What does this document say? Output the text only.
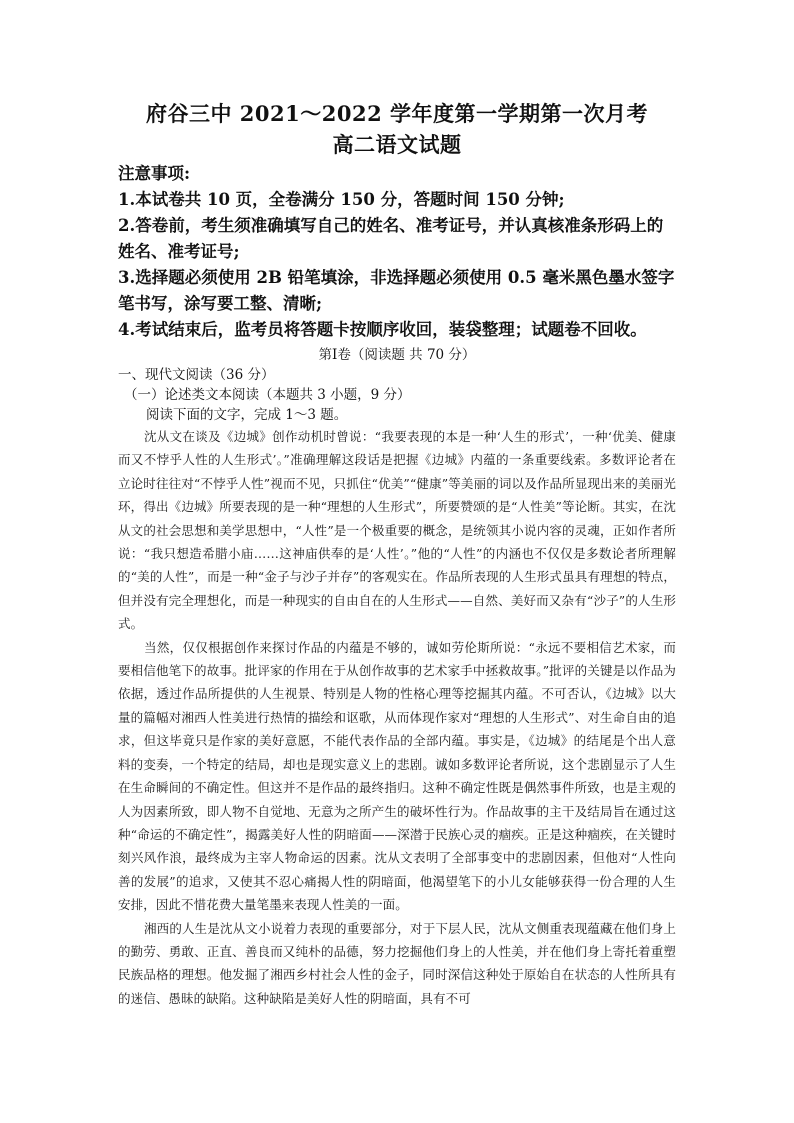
府谷三中 2021～2022 学年度第一学期第一次月考
高二语文试题

注意事项:

1.本试卷共 10 页，全卷满分 150 分，答题时间 150 分钟;

2.答卷前，考生须准确填写自己的姓名、准考证号，并认真核准条形码上的姓名、准考证号;

3.选择题必须使用 2B 铅笔填涂，非选择题必须使用 0.5 毫米黑色墨水签字笔书写，涂写要工整、清晰;

4.考试结束后，监考员将答题卡按顺序收回，装袋整理；试题卷不回收。

第Ⅰ卷（阅读题 共 70 分）

一、现代文阅读（36 分）

（一）论述类文本阅读（本题共 3 小题，9 分）

阅读下面的文字，完成 1～3 题。

沈从文在谈及《边城》创作动机时曾说：“我要表现的本是一种‘人生的形式’，一种‘优美、健康而又不悖乎人性的人生形式’。”准确理解这段话是把握《边城》内蕴的一条重要线索。多数评论者在立论时往往对“不悖乎人性”视而不见，只抓住“优美”“健康”等美丽的词以及作品所显现出来的美丽光环，得出《边城》所要表现的是一种“理想的人生形式”，所要赞颂的是“人性美”等论断。其实，在沈从文的社会思想和美学思想中，“人性”是一个极重要的概念，是统领其小说内容的灵魂，正如作者所说：“我只想造希腊小庙……这神庙供奉的是‘人性’。”他的“人性”的内涵也不仅仅是多数论者所理解的“美的人性”，而是一种“金子与沙子并存”的客观实在。作品所表现的人生形式虽具有理想的特点，但并没有完全理想化，而是一种现实的自由自在的人生形式——自然、美好而又杂有“沙子”的人生形式。

当然，仅仅根据创作来探讨作品的内蕴是不够的，诚如劳伦斯所说：“永远不要相信艺术家，而要相信他笔下的故事。批评家的作用在于从创作故事的艺术家手中拯救故事。”批评的关键是以作品为依据，透过作品所提供的人生视景、特别是人物的性格心理等挖掘其内蕴。不可否认，《边城》以大量的篇幅对湘西人性美进行热情的描绘和讴歌，从而体现作家对“理想的人生形式”、对生命自由的追求，但这毕竟只是作家的美好意愿，不能代表作品的全部内蕴。事实是，《边城》的结尾是个出人意料的变奏，一个特定的结局，却也是现实意义上的悲剧。诚如多数评论者所说，这个悲剧显示了人生在生命瞬间的不确定性。但这并不是作品的最终指归。这种不确定性既是偶然事件所致，也是主观的人为因素所致，即人物不自觉地、无意为之所产生的破坏性行为。作品故事的主干及结局旨在通过这种“命运的不确定性”，揭露美好人性的阴暗面——深潜于民族心灵的痼疾。正是这种痼疾，在关键时刻兴风作浪，最终成为主宰人物命运的因素。沈从文表明了全部事变中的悲剧因素，但他对“人性向善的发展”的追求，又使其不忍心痛揭人性的阴暗面，他渴望笔下的小儿女能够获得一份合理的人生安排，因此不惜花费大量笔墨来表现人性美的一面。

湘西的人生是沈从文小说着力表现的重要部分，对于下层人民，沈从文侧重表现蕴藏在他们身上的勤劳、勇敢、正直、善良而又纯朴的品德，努力挖掘他们身上的人性美，并在他们身上寄托着重塑民族品格的理想。他发掘了湘西乡村社会人性的金子，同时深信这种处于原始自在状态的人性所具有的迷信、愚昧的缺陷。这种缺陷是美好人性的阴暗面，具有不可
